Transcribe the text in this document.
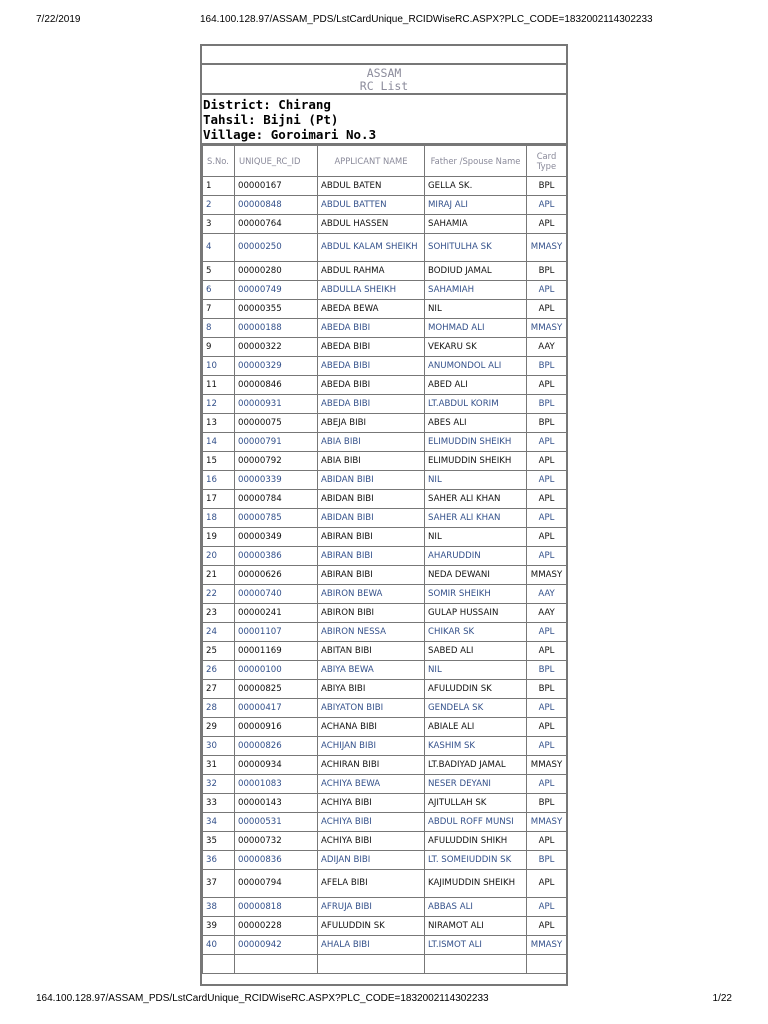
7/22/2019	164.100.128.97/ASSAM_PDS/LstCardUnique_RCIDWiseRC.ASPX?PLC_CODE=1832002114302233
ASSAM
RC List
District: Chirang
Tahsil: Bijni (Pt)
Village: Goroimari No.3
S.No.	UNIQUE_RC_ID	APPLICANT NAME	Father /Spouse Name	Card Type
1	00000167	ABDUL BATEN	GELLA SK.	BPL
2	00000848	ABDUL BATTEN	MIRAJ ALI	APL
3	00000764	ABDUL HASSEN	SAHAMIA	APL
4	00000250	ABDUL KALAM SHEIKH	SOHITULHA SK	MMASY
5	00000280	ABDUL RAHMA	BODIUD JAMAL	BPL
6	00000749	ABDULLA SHEIKH	SAHAMIAH	APL
7	00000355	ABEDA BEWA	NIL	APL
8	00000188	ABEDA BIBI	MOHMAD ALI	MMASY
9	00000322	ABEDA BIBI	VEKARU SK	AAY
10	00000329	ABEDA BIBI	ANUMONDOL ALI	BPL
11	00000846	ABEDA BIBI	ABED ALI	APL
12	00000931	ABEDA BIBI	LT.ABDUL KORIM	BPL
13	00000075	ABEJA BIBI	ABES ALI	BPL
14	00000791	ABIA BIBI	ELIMUDDIN SHEIKH	APL
15	00000792	ABIA BIBI	ELIMUDDIN SHEIKH	APL
16	00000339	ABIDAN BIBI	NIL	APL
17	00000784	ABIDAN BIBI	SAHER ALI KHAN	APL
18	00000785	ABIDAN BIBI	SAHER ALI KHAN	APL
19	00000349	ABIRAN BIBI	NIL	APL
20	00000386	ABIRAN BIBI	AHARUDDIN	APL
21	00000626	ABIRAN BIBI	NEDA DEWANI	MMASY
22	00000740	ABIRON BEWA	SOMIR SHEIKH	AAY
23	00000241	ABIRON BIBI	GULAP HUSSAIN	AAY
24	00001107	ABIRON NESSA	CHIKAR SK	APL
25	00001169	ABITAN BIBI	SABED ALI	APL
26	00000100	ABIYA BEWA	NIL	BPL
27	00000825	ABIYA BIBI	AFULUDDIN SK	BPL
28	00000417	ABIYATON BIBI	GENDELA SK	APL
29	00000916	ACHANA BIBI	ABIALE ALI	APL
30	00000826	ACHIJAN BIBI	KASHIM SK	APL
31	00000934	ACHIRAN BIBI	LT.BADIYAD JAMAL	MMASY
32	00001083	ACHIYA BEWA	NESER DEYANI	APL
33	00000143	ACHIYA BIBI	AJITULLAH SK	BPL
34	00000531	ACHIYA BIBI	ABDUL ROFF MUNSI	MMASY
35	00000732	ACHIYA BIBI	AFULUDDIN SHIKH	APL
36	00000836	ADIJAN BIBI	LT. SOMEIUDDIN SK	BPL
37	00000794	AFELA BIBI	KAJIMUDDIN SHEIKH	APL
38	00000818	AFRUJA BIBI	ABBAS ALI	APL
39	00000228	AFULUDDIN SK	NIRAMOT ALI	APL
40	00000942	AHALA BIBI	LT.ISMOT ALI	MMASY

164.100.128.97/ASSAM_PDS/LstCardUnique_RCIDWiseRC.ASPX?PLC_CODE=1832002114302233	1/22
